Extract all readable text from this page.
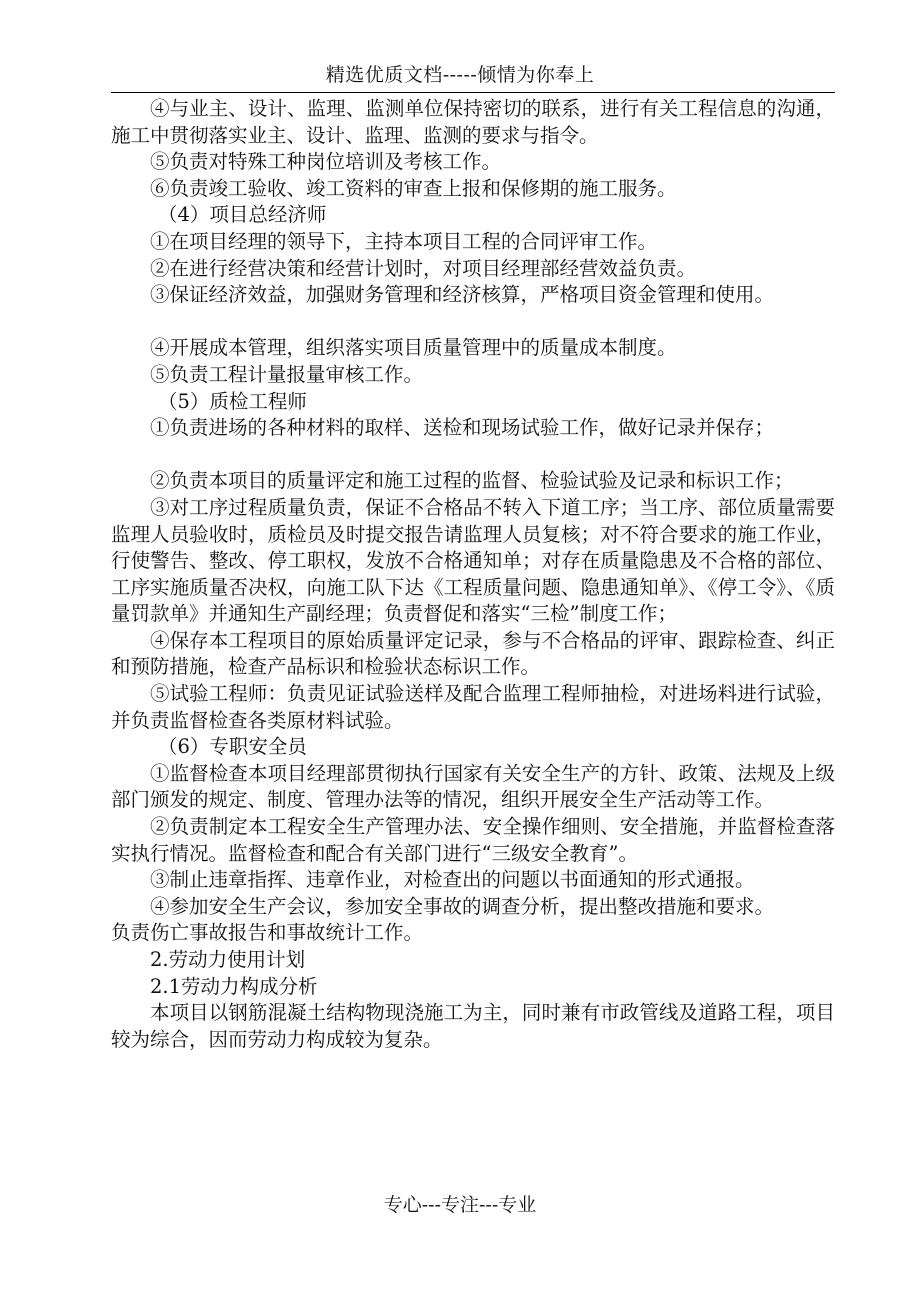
精选优质文档-----倾情为你奉上

④与业主、设计、监理、监测单位保持密切的联系，进行有关工程信息的沟通，施工中贯彻落实业主、设计、监理、监测的要求与指令。

⑤负责对特殊工种岗位培训及考核工作。

⑥负责竣工验收、竣工资料的审查上报和保修期的施工服务。

（4）项目总经济师

①在项目经理的领导下，主持本项目工程的合同评审工作。

②在进行经营决策和经营计划时，对项目经理部经营效益负责。

③保证经济效益，加强财务管理和经济核算，严格项目资金管理和使用。

④开展成本管理，组织落实项目质量管理中的质量成本制度。

⑤负责工程计量报量审核工作。

（5）质检工程师

①负责进场的各种材料的取样、送检和现场试验工作，做好记录并保存；

②负责本项目的质量评定和施工过程的监督、检验试验及记录和标识工作；

③对工序过程质量负责，保证不合格品不转入下道工序；当工序、部位质量需要监理人员验收时，质检员及时提交报告请监理人员复核；对不符合要求的施工作业，行使警告、整改、停工职权，发放不合格通知单；对存在质量隐患及不合格的部位、工序实施质量否决权，向施工队下达《工程质量问题、隐患通知单》、《停工令》、《质量罚款单》并通知生产副经理；负责督促和落实“三检”制度工作；

④保存本工程项目的原始质量评定记录，参与不合格品的评审、跟踪检查、纠正和预防措施，检查产品标识和检验状态标识工作。

⑤试验工程师：负责见证试验送样及配合监理工程师抽检，对进场料进行试验，并负责监督检查各类原材料试验。

（6）专职安全员

①监督检查本项目经理部贯彻执行国家有关安全生产的方针、政策、法规及上级部门颁发的规定、制度、管理办法等的情况，组织开展安全生产活动等工作。

②负责制定本工程安全生产管理办法、安全操作细则、安全措施，并监督检查落实执行情况。监督检查和配合有关部门进行“三级安全教育”。

③制止违章指挥、违章作业，对检查出的问题以书面通知的形式通报。

④参加安全生产会议，参加安全事故的调查分析，提出整改措施和要求。

负责伤亡事故报告和事故统计工作。

2.劳动力使用计划

2.1劳动力构成分析

本项目以钢筋混凝土结构物现浇施工为主，同时兼有市政管线及道路工程，项目较为综合，因而劳动力构成较为复杂。

专心---专注---专业
